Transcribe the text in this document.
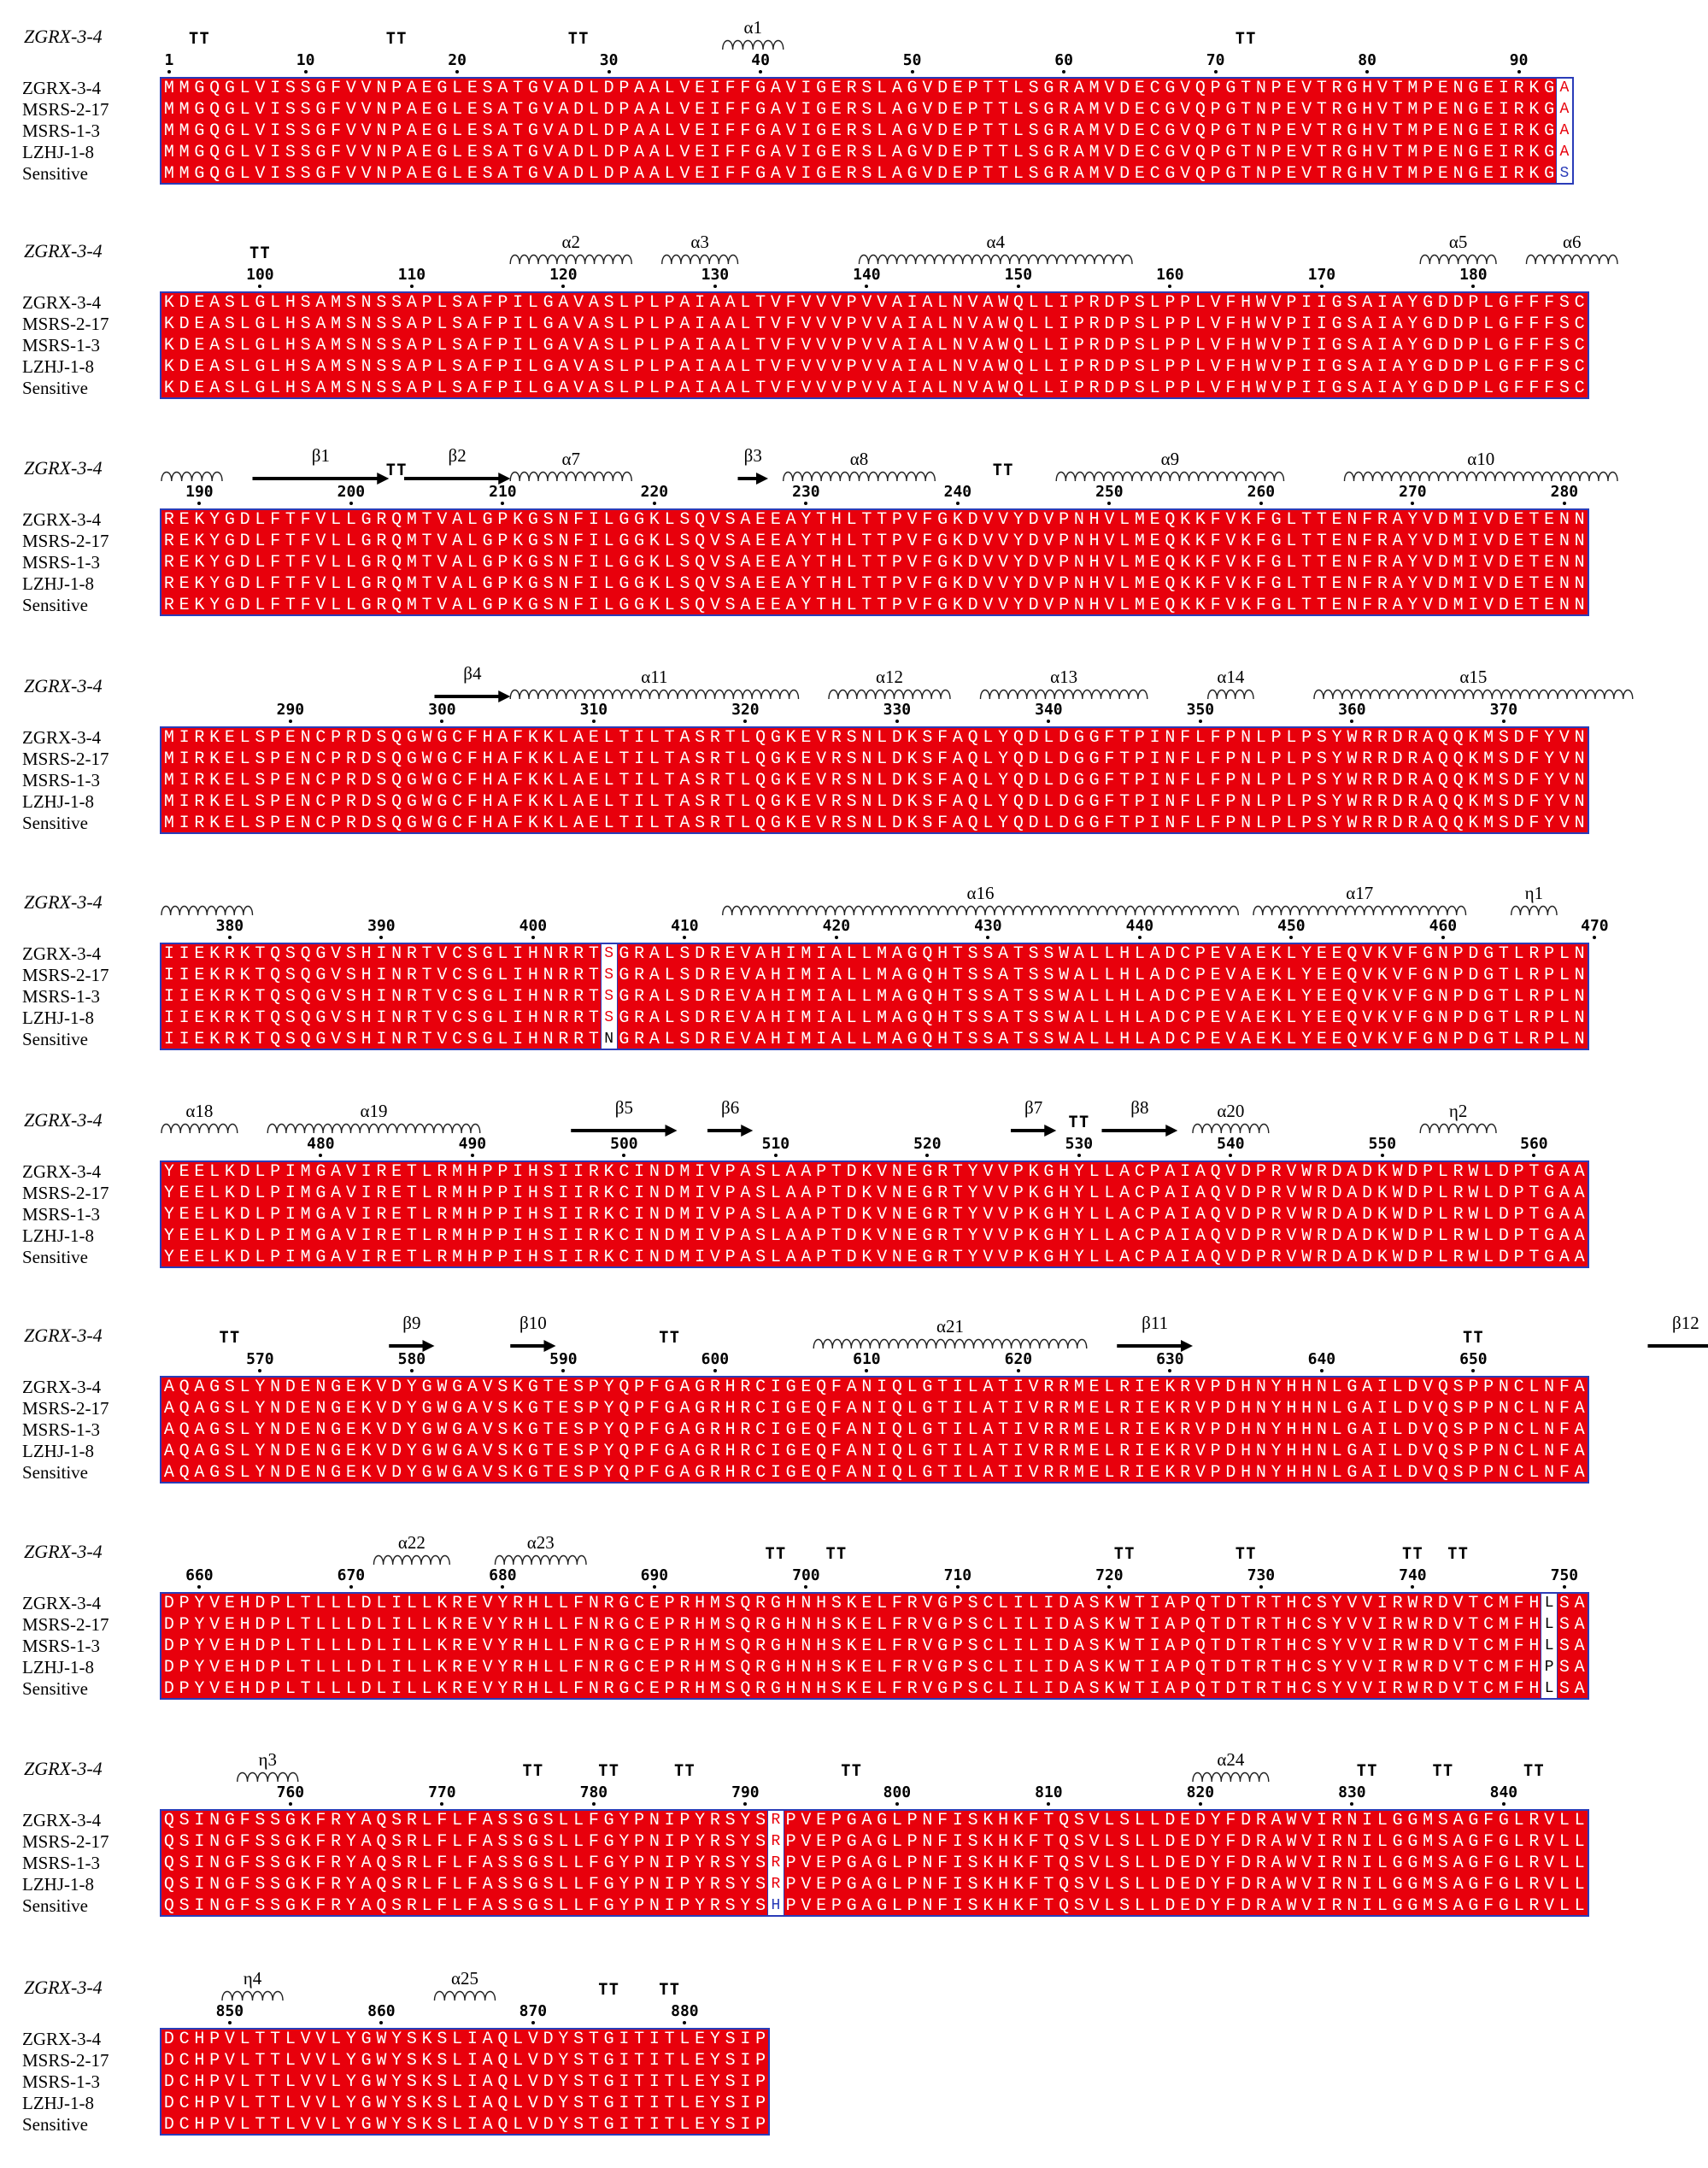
ZGRX-3-4	TT	TT	TT
α1
TT
1	10	20	30	40	50	60	70	80	90
ZGRX-3-4	M M G Q G L V I S S G F V V N P A E G L E S A T G V A D L D P A A L V E I F F G A V I G E R S L A G V D E P T T L S G R A M V D E C G V Q P G T N P E V T R G H V T M P E N G E I R K G A
MSRS-2-17	M M G Q G L V I S S G F V V N P A E G L E S A T G V A D L D P A A L V E I F F G A V I G E R S L A G V D E P T T L S G R A M V D E C G V Q P G T N P E V T R G H V T M P E N G E I R K G A
MSRS-1-3	M M G Q G L V I S S G F V V N P A E G L E S A T G V A D L D P A A L V E I F F G A V I G E R S L A G V D E P T T L S G R A M V D E C G V Q P G T N P E V T R G H V T M P E N G E I R K G A
LZHJ-1-8	M M G Q G L V I S S G F V V N P A E G L E S A T G V A D L D P A A L V E I F F G A V I G E R S L A G V D E P T T L S G R A M V D E C G V Q P G T N P E V T R G H V T M P E N G E I R K G A
Sensitive	M M G Q G L V I S S G F V V N P A E G L E S A T G V A D L D P A A L V E I F F G A V I G E R S L A G V D E P T T L S G R A M V D E C G V Q P G T N P E V T R G H V T M P E N G E I R K G S
ZGRX-3-4	TT
α2	α3	α4	α5	α6
100	110	120	130	140	150	160	170	180
ZGRX-3-4	K D E A S L G L H S A M S N S S A P L S A F P I L G A V A S L P L P A I A A L T V F V V V P V V A I A L N V A W Q L L I P R D P S L P P L V F H W V P I I G S A I A Y G D D P L G F F F S C
MSRS-2-17	K D E A S L G L H S A M S N S S A P L S A F P I L G A V A S L P L P A I A A L T V F V V V P V V A I A L N V A W Q L L I P R D P S L P P L V F H W V P I I G S A I A Y G D D P L G F F F S C
MSRS-1-3	K D E A S L G L H S A M S N S S A P L S A F P I L G A V A S L P L P A I A A L T V F V V V P V V A I A L N V A W Q L L I P R D P S L P P L V F H W V P I I G S A I A Y G D D P L G F F F S C
LZHJ-1-8	K D E A S L G L H S A M S N S S A P L S A F P I L G A V A S L P L P A I A A L T V F V V V P V V A I A L N V A W Q L L I P R D P S L P P L V F H W V P I I G S A I A Y G D D P L G F F F S C
Sensitive	K D E A S L G L H S A M S N S S A P L S A F P I L G A V A S L P L P A I A A L T V F V V V P V V A I A L N V A W Q L L I P R D P S L P P L V F H W V P I I G S A I A Y G D D P L G F F F S C
ZGRX-3-4
β1
TT
β2	α7	β3	α8
TT
α9	α10
190	200	210	220	230	240	250	260	270	280
ZGRX-3-4	R E K Y G D L F T F V L L G R Q M T V A L G P K G S N F I L G G K L S Q V S A E E A Y T H L T T P V F G K D V V Y D V P N H V L M E Q K K F V K F G L T T E N F R A Y V D M I V D E T E N N
MSRS-2-17	R E K Y G D L F T F V L L G R Q M T V A L G P K G S N F I L G G K L S Q V S A E E A Y T H L T T P V F G K D V V Y D V P N H V L M E Q K K F V K F G L T T E N F R A Y V D M I V D E T E N N
MSRS-1-3	R E K Y G D L F T F V L L G R Q M T V A L G P K G S N F I L G G K L S Q V S A E E A Y T H L T T P V F G K D V V Y D V P N H V L M E Q K K F V K F G L T T E N F R A Y V D M I V D E T E N N
LZHJ-1-8	R E K Y G D L F T F V L L G R Q M T V A L G P K G S N F I L G G K L S Q V S A E E A Y T H L T T P V F G K D V V Y D V P N H V L M E Q K K F V K F G L T T E N F R A Y V D M I V D E T E N N
Sensitive	R E K Y G D L F T F V L L G R Q M T V A L G P K G S N F I L G G K L S Q V S A E E A Y T H L T T P V F G K D V V Y D V P N H V L M E Q K K F V K F G L T T E N F R A Y V D M I V D E T E N N
ZGRX-3-4
β4	α11	α12	α13	α14	α15
290	300	310	320	330	340	350	360	370
ZGRX-3-4	M I R K E L S P E N C P R D S Q G W G C F H A F K K L A E L T I L T A S R T L Q G K E V R S N L D K S F A Q L Y Q D L D G G F T P I N F L F P N L P L P S Y W R R D R A Q Q K M S D F Y V N
MSRS-2-17	M I R K E L S P E N C P R D S Q G W G C F H A F K K L A E L T I L T A S R T L Q G K E V R S N L D K S F A Q L Y Q D L D G G F T P I N F L F P N L P L P S Y W R R D R A Q Q K M S D F Y V N
MSRS-1-3	M I R K E L S P E N C P R D S Q G W G C F H A F K K L A E L T I L T A S R T L Q G K E V R S N L D K S F A Q L Y Q D L D G G F T P I N F L F P N L P L P S Y W R R D R A Q Q K M S D F Y V N
LZHJ-1-8	M I R K E L S P E N C P R D S Q G W G C F H A F K K L A E L T I L T A S R T L Q G K E V R S N L D K S F A Q L Y Q D L D G G F T P I N F L F P N L P L P S Y W R R D R A Q Q K M S D F Y V N
Sensitive	M I R K E L S P E N C P R D S Q G W G C F H A F K K L A E L T I L T A S R T L Q G K E V R S N L D K S F A Q L Y Q D L D G G F T P I N F L F P N L P L P S Y W R R D R A Q Q K M S D F Y V N
ZGRX-3-4	α16	α17	η1
380	390	400	410	420	430	440	450	460	470
ZGRX-3-4	I I E K R K T Q S Q G V S H I N R T V C S G L I H N R R T S G R A L S D R E V A H I M I A L L M A G Q H T S S A T S S W A L L H L A D C P E V A E K L Y E E Q V K V F G N P D G T L R P L N
MSRS-2-17	I I E K R K T Q S Q G V S H I N R T V C S G L I H N R R T S G R A L S D R E V A H I M I A L L M A G Q H T S S A T S S W A L L H L A D C P E V A E K L Y E E Q V K V F G N P D G T L R P L N
MSRS-1-3	I I E K R K T Q S Q G V S H I N R T V C S G L I H N R R T S G R A L S D R E V A H I M I A L L M A G Q H T S S A T S S W A L L H L A D C P E V A E K L Y E E Q V K V F G N P D G T L R P L N
LZHJ-1-8	I I E K R K T Q S Q G V S H I N R T V C S G L I H N R R T S G R A L S D R E V A H I M I A L L M A G Q H T S S A T S S W A L L H L A D C P E V A E K L Y E E Q V K V F G N P D G T L R P L N
Sensitive	I I E K R K T Q S Q G V S H I N R T V C S G L I H N R R T N G R A L S D R E V A H I M I A L L M A G Q H T S S A T S S W A L L H L A D C P E V A E K L Y E E Q V K V F G N P D G T L R P L N
ZGRX-3-4	α18	α19	β5	β6	β7
TT
β8	α20	η2
480	490	500	510	520	530	540	550	560
ZGRX-3-4	Y E E L K D L P I M G A V I R E T L R M H P P I H S I I R K C I N D M I V P A S L A A P T D K V N E G R T Y V V P K G H Y L L A C P A I A Q V D P R V W R D A D K W D P L R W L D P T G A A
MSRS-2-17	Y E E L K D L P I M G A V I R E T L R M H P P I H S I I R K C I N D M I V P A S L A A P T D K V N E G R T Y V V P K G H Y L L A C P A I A Q V D P R V W R D A D K W D P L R W L D P T G A A
MSRS-1-3	Y E E L K D L P I M G A V I R E T L R M H P P I H S I I R K C I N D M I V P A S L A A P T D K V N E G R T Y V V P K G H Y L L A C P A I A Q V D P R V W R D A D K W D P L R W L D P T G A A
LZHJ-1-8	Y E E L K D L P I M G A V I R E T L R M H P P I H S I I R K C I N D M I V P A S L A A P T D K V N E G R T Y V V P K G H Y L L A C P A I A Q V D P R V W R D A D K W D P L R W L D P T G A A
Sensitive	Y E E L K D L P I M G A V I R E T L R M H P P I H S I I R K C I N D M I V P A S L A A P T D K V N E G R T Y V V P K G H Y L L A C P A I A Q V D P R V W R D A D K W D P L R W L D P T G A A
ZGRX-3-4	TT
β9	β10
TT
α21	β11
TT
β12
570	580	590	600	610	620	630	640	650
ZGRX-3-4	A Q A G S L Y N D E N G E K V D Y G W G A V S K G T E S P Y Q P F G A G R H R C I G E Q F A N I Q L G T I L A T I V R R M E L R I E K R V P D H N Y H H N L G A I L D V Q S P P N C L N F A
MSRS-2-17	A Q A G S L Y N D E N G E K V D Y G W G A V S K G T E S P Y Q P F G A G R H R C I G E Q F A N I Q L G T I L A T I V R R M E L R I E K R V P D H N Y H H N L G A I L D V Q S P P N C L N F A
MSRS-1-3	A Q A G S L Y N D E N G E K V D Y G W G A V S K G T E S P Y Q P F G A G R H R C I G E Q F A N I Q L G T I L A T I V R R M E L R I E K R V P D H N Y H H N L G A I L D V Q S P P N C L N F A
LZHJ-1-8	A Q A G S L Y N D E N G E K V D Y G W G A V S K G T E S P Y Q P F G A G R H R C I G E Q F A N I Q L G T I L A T I V R R M E L R I E K R V P D H N Y H H N L G A I L D V Q S P P N C L N F A
Sensitive	A Q A G S L Y N D E N G E K V D Y G W G A V S K G T E S P Y Q P F G A G R H R C I G E Q F A N I Q L G T I L A T I V R R M E L R I E K R V P D H N Y H H N L G A I L D V Q S P P N C L N F A
ZGRX-3-4	α22	α23
TT TT	TT	TT	TT TT
660	670	680	690	700	710	720	730	740	750
ZGRX-3-4	D P Y V E H D P L T L L L D L I L L K R E V Y R H L L F N R G C E P R H M S Q R G H N H S K E L F R V G P S C L I L I D A S K W T I A P Q T D T R T H C S Y V V I R W R D V T C M F H L S A
MSRS-2-17	D P Y V E H D P L T L L L D L I L L K R E V Y R H L L F N R G C E P R H M S Q R G H N H S K E L F R V G P S C L I L I D A S K W T I A P Q T D T R T H C S Y V V I R W R D V T C M F H L S A
MSRS-1-3	D P Y V E H D P L T L L L D L I L L K R E V Y R H L L F N R G C E P R H M S Q R G H N H S K E L F R V G P S C L I L I D A S K W T I A P Q T D T R T H C S Y V V I R W R D V T C M F H L S A
LZHJ-1-8	D P Y V E H D P L T L L L D L I L L K R E V Y R H L L F N R G C E P R H M S Q R G H N H S K E L F R V G P S C L I L I D A S K W T I A P Q T D T R T H C S Y V V I R W R D V T C M F H P S A
Sensitive	D P Y V E H D P L T L L L D L I L L K R E V Y R H L L F N R G C E P R H M S Q R G H N H S K E L F R V G P S C L I L I D A S K W T I A P Q T D T R T H C S Y V V I R W R D V T C M F H L S A
ZGRX-3-4	η3
TT	TT	TT	TT
α24
TT	TT	TT
760	770	780	790	800	810	820	830	840
ZGRX-3-4	Q S I N G F S S G K F R Y A Q S R L F L F A S S G S L L F G Y P N I P Y R S Y S R P V E P G A G L P N F I S K H K F T Q S V L S L L D E D Y F D R A W V I R N I L G G M S A G F G L R V L L
MSRS-2-17	Q S I N G F S S G K F R Y A Q S R L F L F A S S G S L L F G Y P N I P Y R S Y S R P V E P G A G L P N F I S K H K F T Q S V L S L L D E D Y F D R A W V I R N I L G G M S A G F G L R V L L
MSRS-1-3	Q S I N G F S S G K F R Y A Q S R L F L F A S S G S L L F G Y P N I P Y R S Y S R P V E P G A G L P N F I S K H K F T Q S V L S L L D E D Y F D R A W V I R N I L G G M S A G F G L R V L L
LZHJ-1-8	Q S I N G F S S G K F R Y A Q S R L F L F A S S G S L L F G Y P N I P Y R S Y S R P V E P G A G L P N F I S K H K F T Q S V L S L L D E D Y F D R A W V I R N I L G G M S A G F G L R V L L
Sensitive	Q S I N G F S S G K F R Y A Q S R L F L F A S S G S L L F G Y P N I P Y R S Y S H P V E P G A G L P N F I S K H K F T Q S V L S L L D E D Y F D R A W V I R N I L G G M S A G F G L R V L L
ZGRX-3-4	η4	α25
TT TT
850	860	870	880
ZGRX-3-4	D C H P V L T T L V V L Y G W Y S K S L I A Q L V D Y S T G I T I T L E Y S I P
MSRS-2-17	D C H P V L T T L V V L Y G W Y S K S L I A Q L V D Y S T G I T I T L E Y S I P
MSRS-1-3	D C H P V L T T L V V L Y G W Y S K S L I A Q L V D Y S T G I T I T L E Y S I P
LZHJ-1-8	D C H P V L T T L V V L Y G W Y S K S L I A Q L V D Y S T G I T I T L E Y S I P
Sensitive	D C H P V L T T L V V L Y G W Y S K S L I A Q L V D Y S T G I T I T L E Y S I P
